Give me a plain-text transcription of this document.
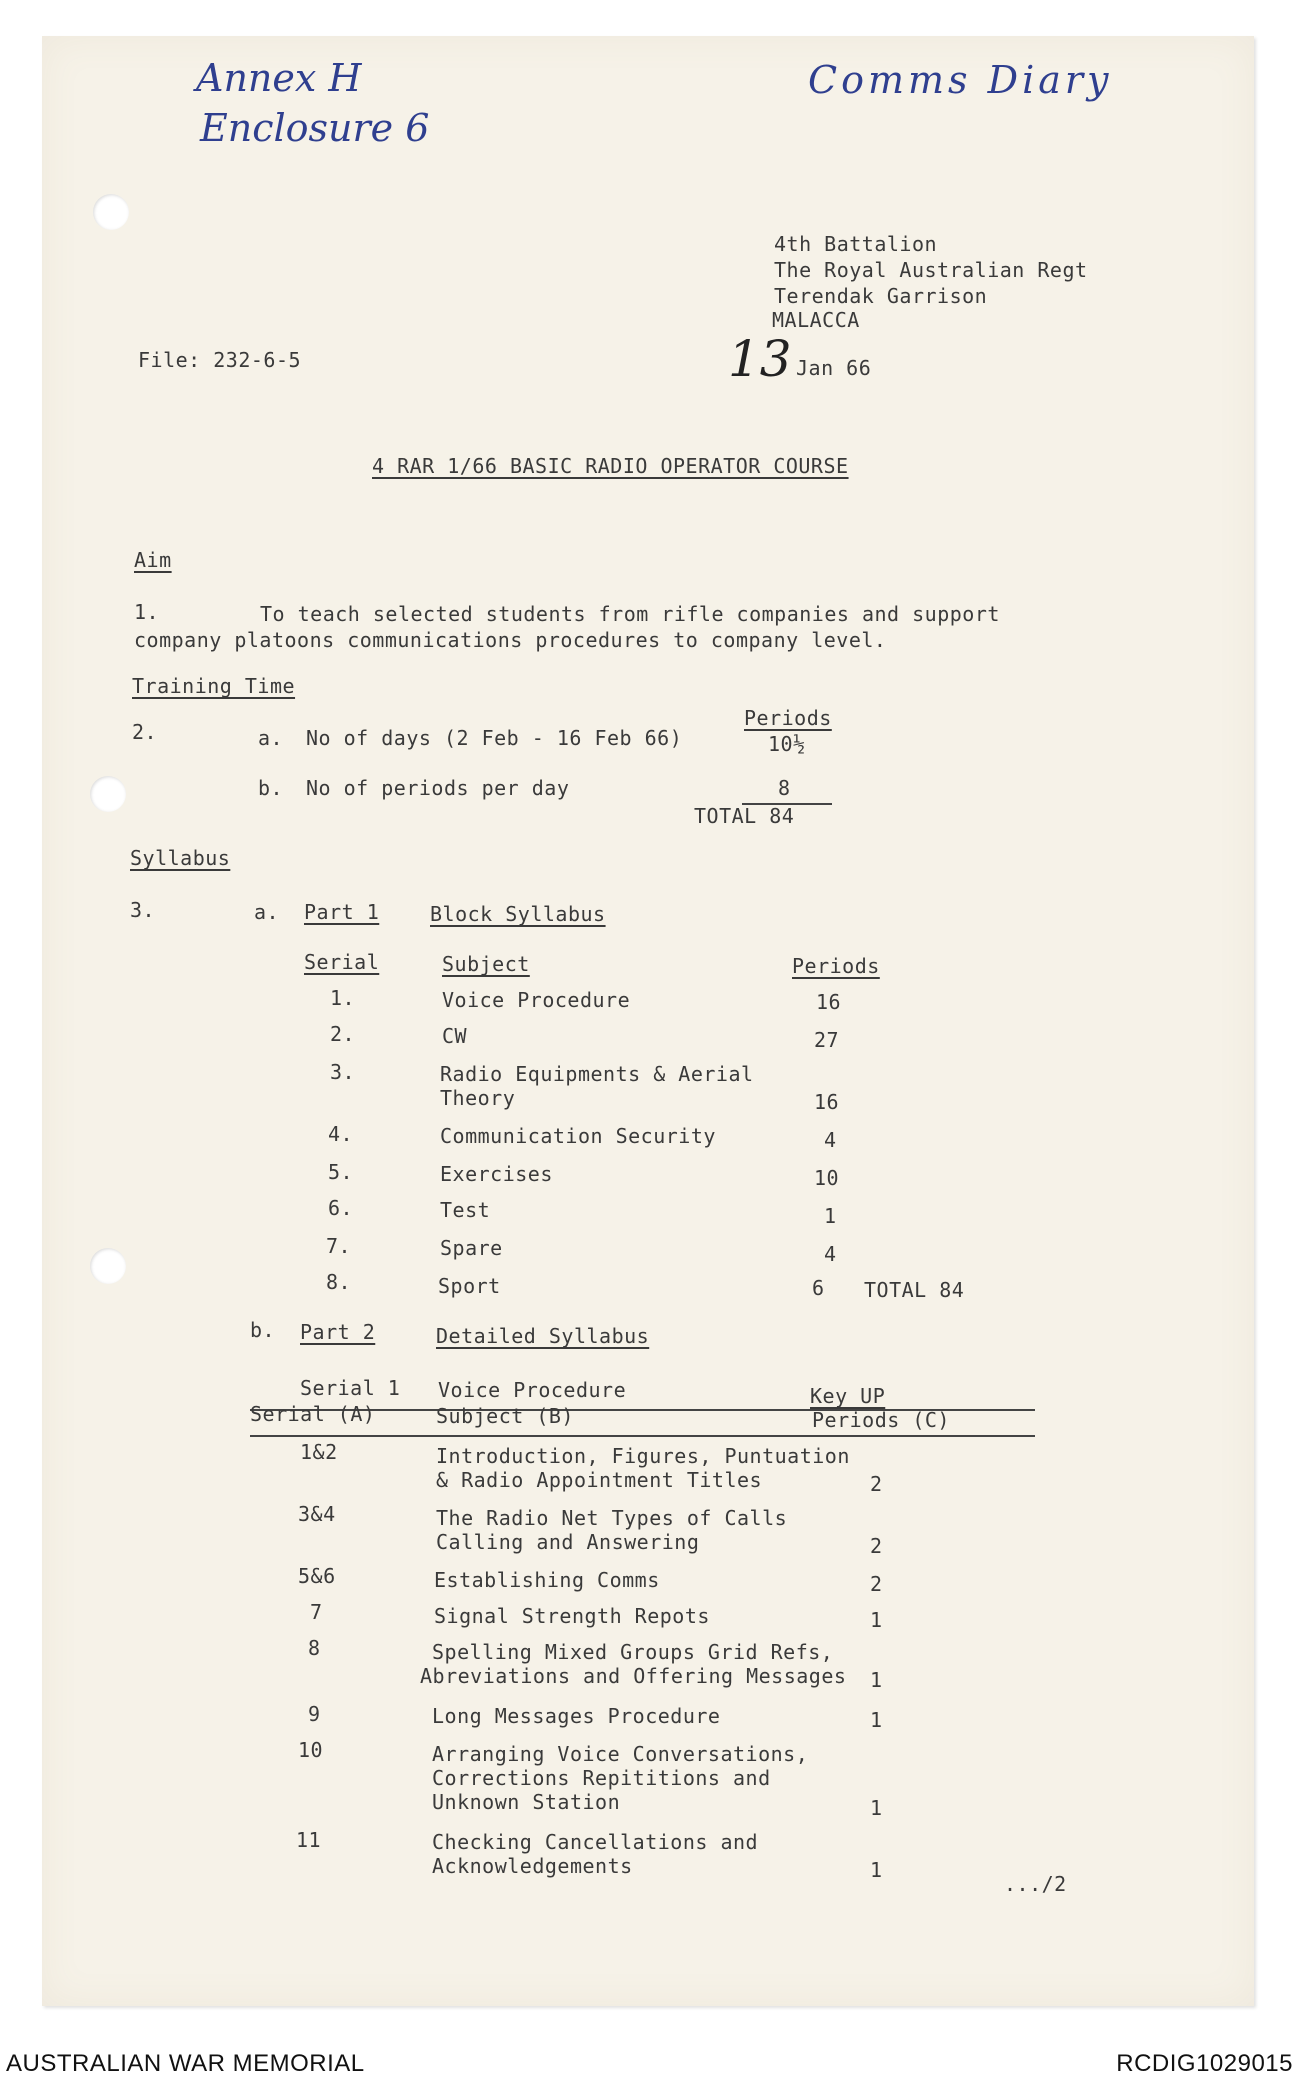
Annex H
Enclosure 6
Comms Diary
13
4th Battalion
The Royal Australian Regt
Terendak Garrison
MALACCA
File: 232-6-5	Jan 66
4 RAR 1/66 BASIC RADIO OPERATOR COURSE
Aim
1.	To teach selected students from rifle companies and support
company platoons communications procedures to company level.
Training Time
2.
Periods
a. No of days (2 Feb - 16 Feb 66)	10½
b. No of periods per day	8
TOTAL 84
Syllabus
3.	a. Part 1	Block Syllabus
Serial	Subject	Periods
1.	Voice Procedure	16
2.	CW	27
3.	Radio Equipments & Aerial
Theory	16
4.	Communication Security	4
5.	Exercises	10
6.	Test	1
7.	Spare	4
8.	Sport	6 TOTAL 84
b. Part 2	Detailed Syllabus
Serial 1 Voice Procedure	Key UP
Serial (A)	Subject (B)	Periods (C)
1&2	Introduction, Figures, Puntuation
& Radio Appointment Titles	2
3&4	The Radio Net Types of Calls
Calling and Answering	2
5&6	Establishing Comms	2
7	Signal Strength Repots	1
8	Spelling Mixed Groups Grid Refs,
Abreviations and Offering Messages 1
9	Long Messages Procedure	1
10	Arranging Voice Conversations,
Corrections Repititions and
Unknown Station	1
11	Checking Cancellations and
Acknowledgements	1
.../2
AUSTRALIAN WAR MEMORIAL	RCDIG1029015
